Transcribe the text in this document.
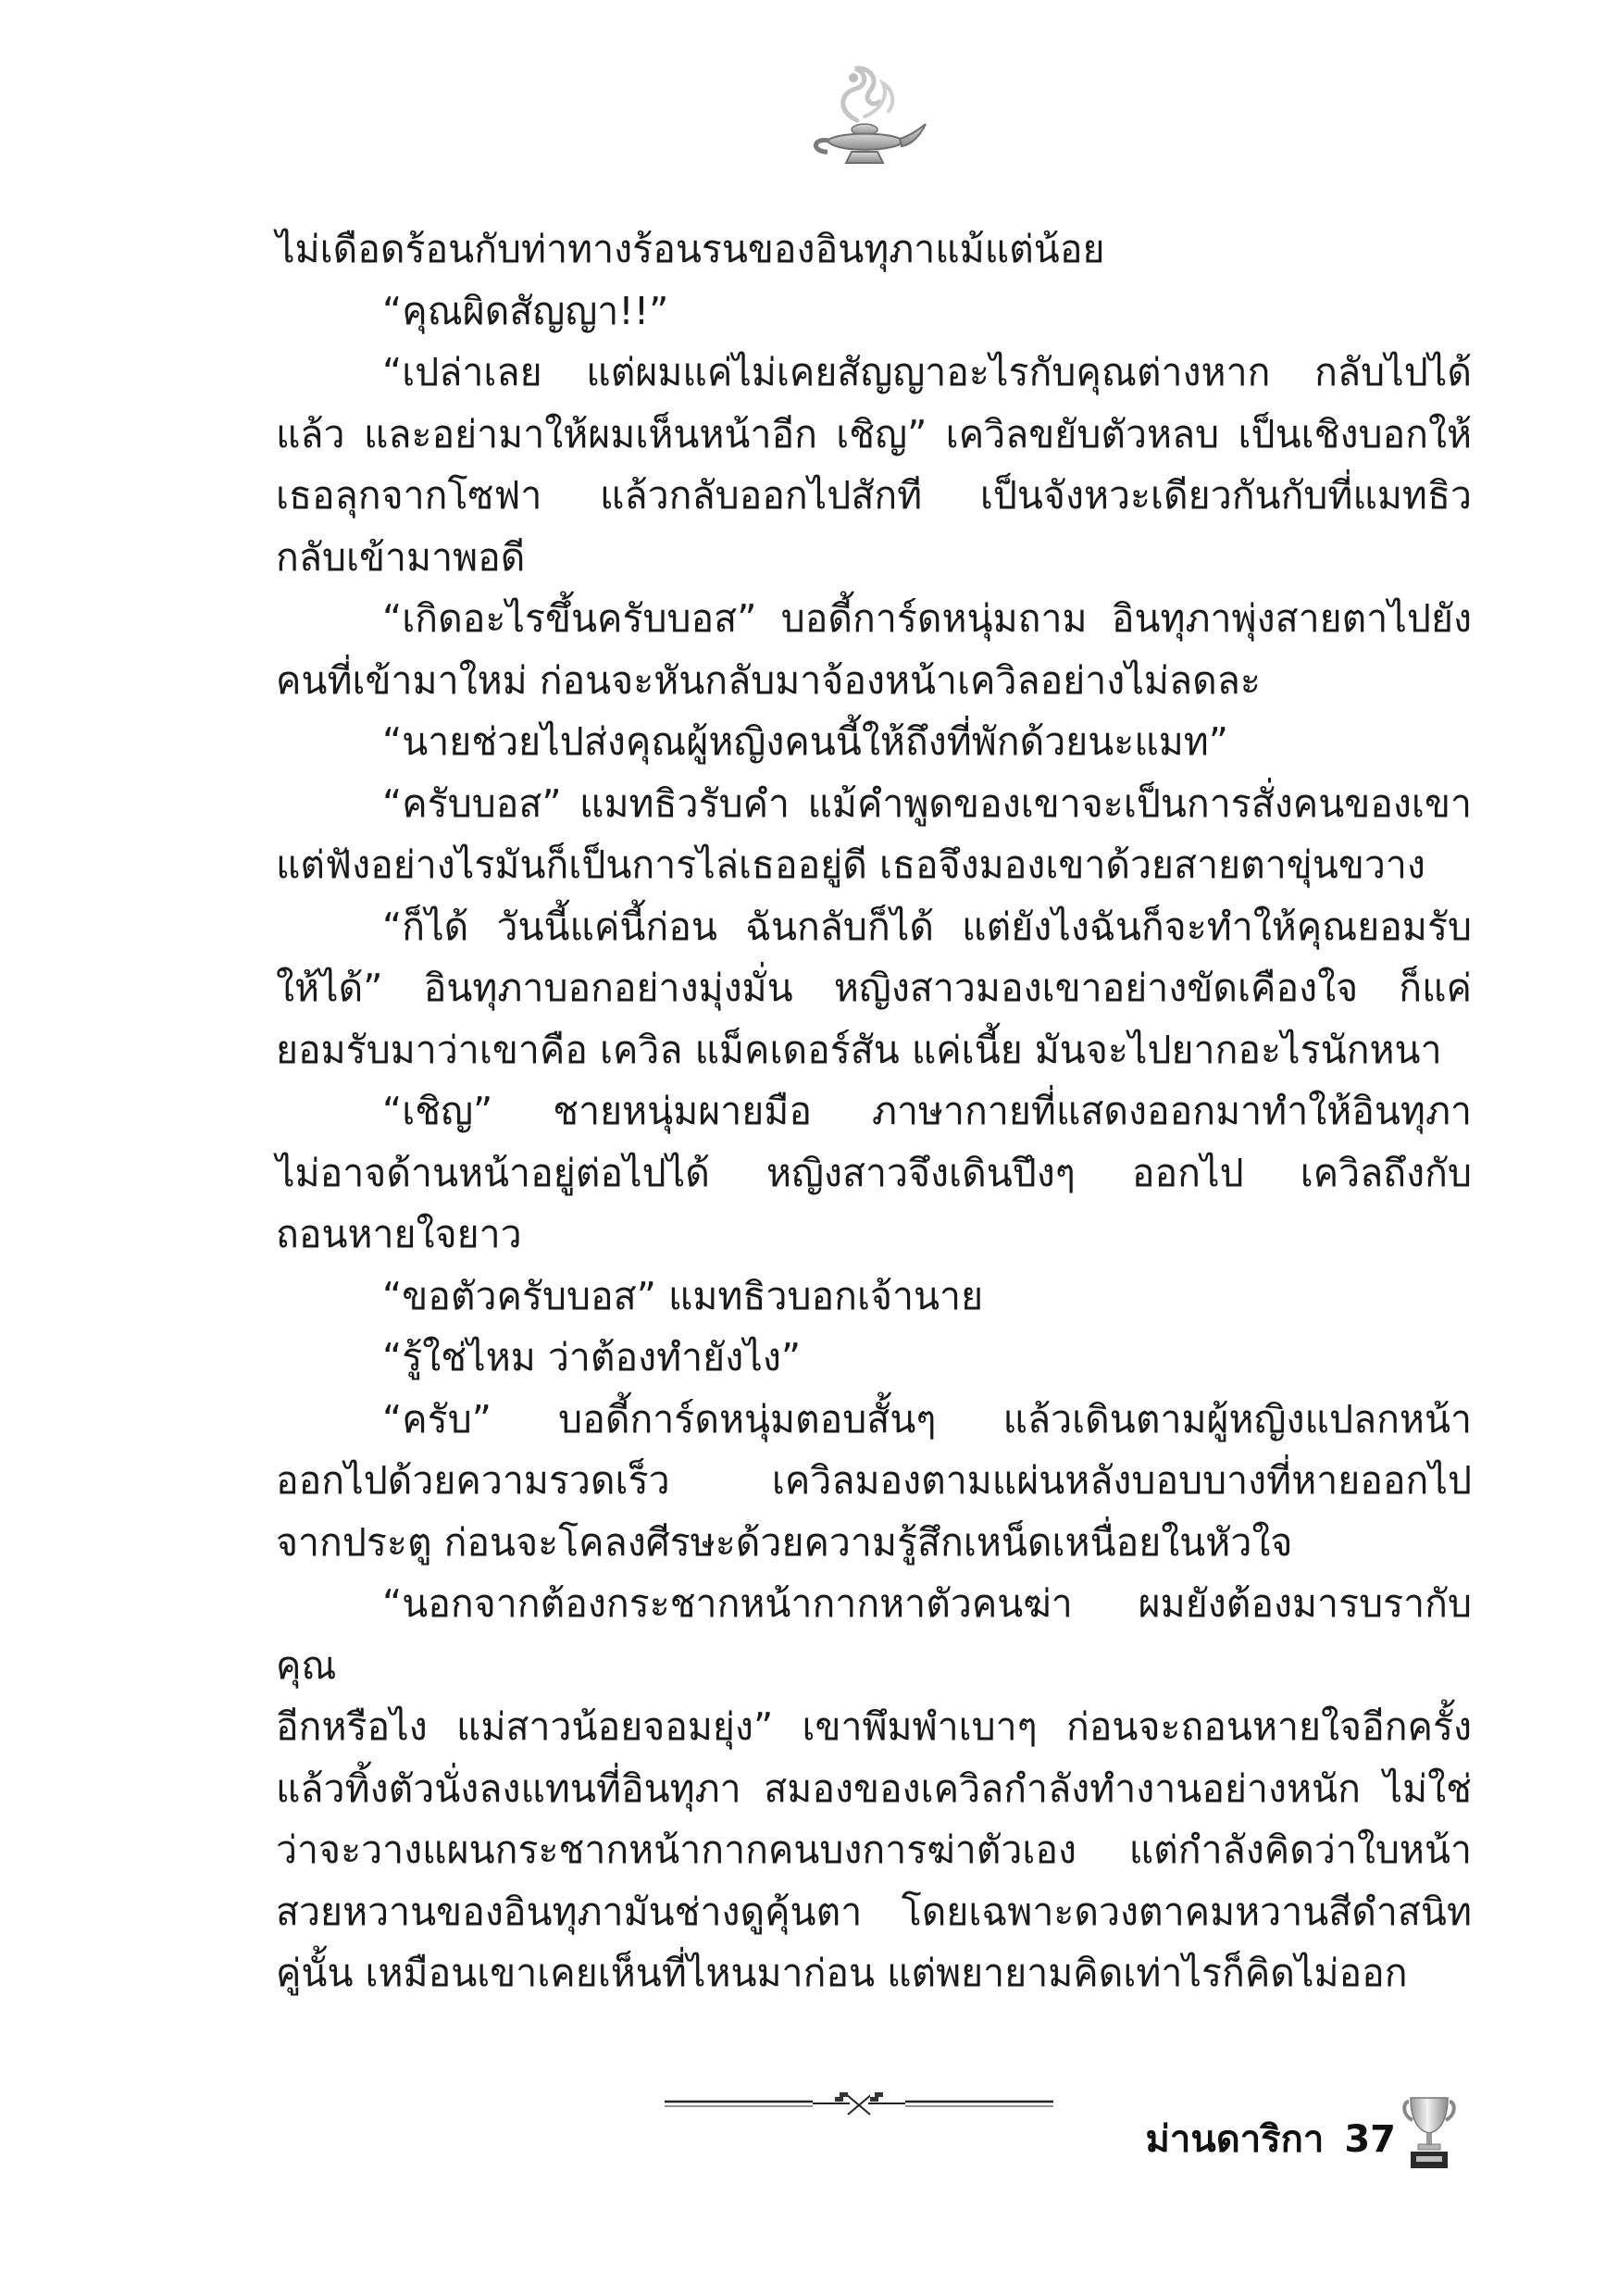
ไม่เดือดร้อนกับท่าทางร้อนรนของอินทุภาแม้แต่น้อย

“คุณผิดสัญญา!!”

“เปล่าเลย แต่ผมแค่ไม่เคยสัญญาอะไรกับคุณต่างหาก กลับไปได้

แล้ว และอย่ามาให้ผมเห็นหน้าอีก เชิญ” เควิลขยับตัวหลบ เป็นเชิงบอกให้

เธอลุกจากโซฟา แล้วกลับออกไปสักที เป็นจังหวะเดียวกันกับที่แมทธิว

กลับเข้ามาพอดี

“เกิดอะไรขึ้นครับบอส” บอดี้การ์ดหนุ่มถาม อินทุภาพุ่งสายตาไปยัง

คนที่เข้ามาใหม่ ก่อนจะหันกลับมาจ้องหน้าเควิลอย่างไม่ลดละ

“นายช่วยไปส่งคุณผู้หญิงคนนี้ให้ถึงที่พักด้วยนะแมท”

“ครับบอส” แมทธิวรับคำ แม้คำพูดของเขาจะเป็นการสั่งคนของเขา

แต่ฟังอย่างไรมันก็เป็นการไล่เธออยู่ดี เธอจึงมองเขาด้วยสายตาขุ่นขวาง

“ก็ได้ วันนี้แค่นี้ก่อน ฉันกลับก็ได้ แต่ยังไงฉันก็จะทำให้คุณยอมรับ

ให้ได้” อินทุภาบอกอย่างมุ่งมั่น หญิงสาวมองเขาอย่างขัดเคืองใจ ก็แค่

ยอมรับมาว่าเขาคือ เควิล แม็คเดอร์สัน แค่เนี้ย มันจะไปยากอะไรนักหนา

“เชิญ” ชายหนุ่มผายมือ ภาษากายที่แสดงออกมาทำให้อินทุภา

ไม่อาจด้านหน้าอยู่ต่อไปได้ หญิงสาวจึงเดินปึงๆ ออกไป เควิลถึงกับ

ถอนหายใจยาว

“ขอตัวครับบอส” แมทธิวบอกเจ้านาย

“รู้ใช่ไหม ว่าต้องทำยังไง”

“ครับ” บอดี้การ์ดหนุ่มตอบสั้นๆ แล้วเดินตามผู้หญิงแปลกหน้า

ออกไปด้วยความรวดเร็ว เควิลมองตามแผ่นหลังบอบบางที่หายออกไป

จากประตู ก่อนจะโคลงศีรษะด้วยความรู้สึกเหน็ดเหนื่อยในหัวใจ

“นอกจากต้องกระชากหน้ากากหาตัวคนฆ่า ผมยังต้องมารบรากับคุณ

อีกหรือไง แม่สาวน้อยจอมยุ่ง” เขาพึมพำเบาๆ ก่อนจะถอนหายใจอีกครั้ง

แล้วทิ้งตัวนั่งลงแทนที่อินทุภา สมองของเควิลกำลังทำงานอย่างหนัก ไม่ใช่

ว่าจะวางแผนกระชากหน้ากากคนบงการฆ่าตัวเอง แต่กำลังคิดว่าใบหน้า

สวยหวานของอินทุภามันช่างดูคุ้นตา โดยเฉพาะดวงตาคมหวานสีดำสนิท

คู่นั้น เหมือนเขาเคยเห็นที่ไหนมาก่อน แต่พยายามคิดเท่าไรก็คิดไม่ออก

ม่านดาริกา 37
